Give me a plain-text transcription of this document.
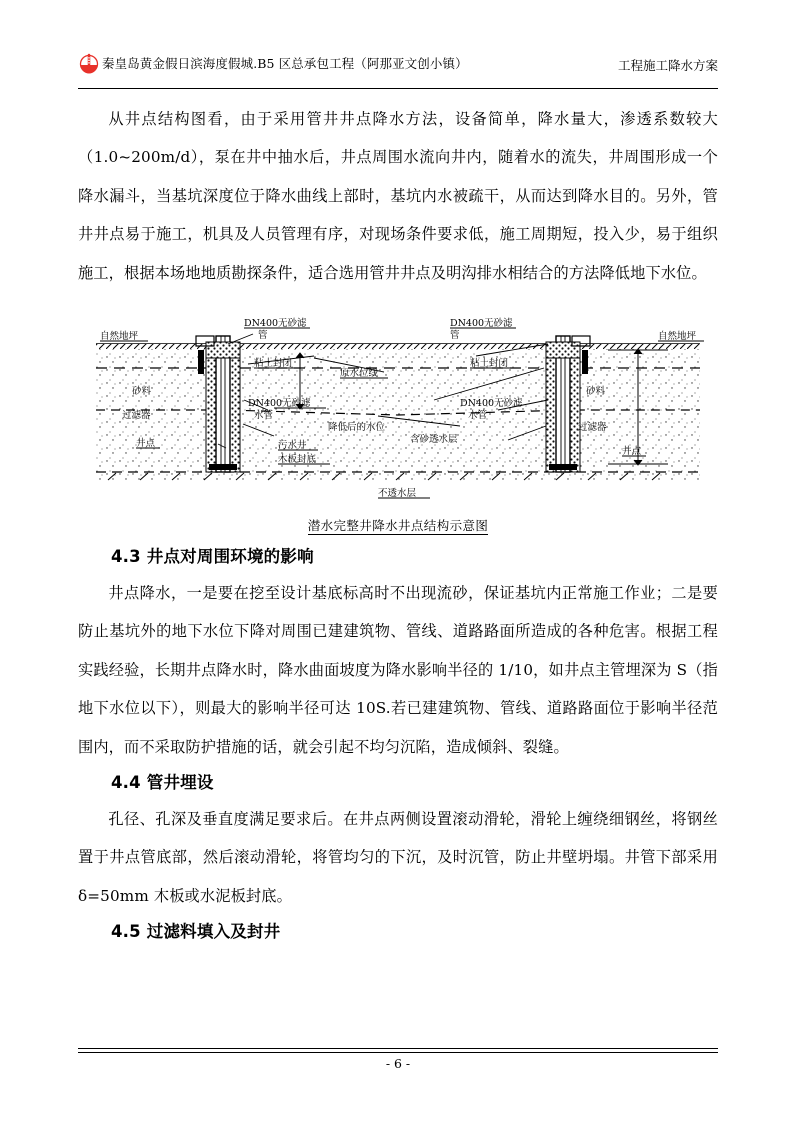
秦皇岛黄金假日滨海度假城.B5 区总承包工程（阿那亚文创小镇）	工程施工降水方案

从井点结构图看，由于采用管井井点降水方法，设备简单，降水量大，渗透系数较大（1.0~200m/d），泵在井中抽水后，井点周围水流向井内，随着水的流失，井周围形成一个降水漏斗，当基坑深度位于降水曲线上部时，基坑内水被疏干，从而达到降水目的。另外，管井井点易于施工，机具及人员管理有序，对现场条件要求低，施工周期短，投入少，易于组织施工，根据本场地地质勘探条件，适合选用管井井点及明沟排水相结合的方法降低地下水位。

自然地坪	自然地坪
DN400无砂滤
管
DN400无砂滤
管
粘土封闭	粘土封闭
原水位线
DN400无砂滤
水管
DN400无砂滤
水管
砂料	砂料
过滤器
过滤器
降低后的水位
井点
井点
污水井
木板封底
含砂透水层
不透水层
潜水完整井降水井点结构示意图
4.3 井点对周围环境的影响

井点降水，一是要在挖至设计基底标高时不出现流砂，保证基坑内正常施工作业；二是要防止基坑外的地下水位下降对周围已建建筑物、管线、道路路面所造成的各种危害。根据工程实践经验，长期井点降水时，降水曲面坡度为降水影响半径的 1/10，如井点主管埋深为 S（指地下水位以下），则最大的影响半径可达 10S.若已建建筑物、管线、道路路面位于影响半径范围内，而不采取防护措施的话，就会引起不均匀沉陷，造成倾斜、裂缝。

4.4 管井埋设

孔径、孔深及垂直度满足要求后。在井点两侧设置滚动滑轮，滑轮上缠绕细钢丝，将钢丝置于井点管底部，然后滚动滑轮，将管均匀的下沉，及时沉管，防止井壁坍塌。井管下部采用δ=50mm 木板或水泥板封底。

4.5 过滤料填入及封井
- 6 -
